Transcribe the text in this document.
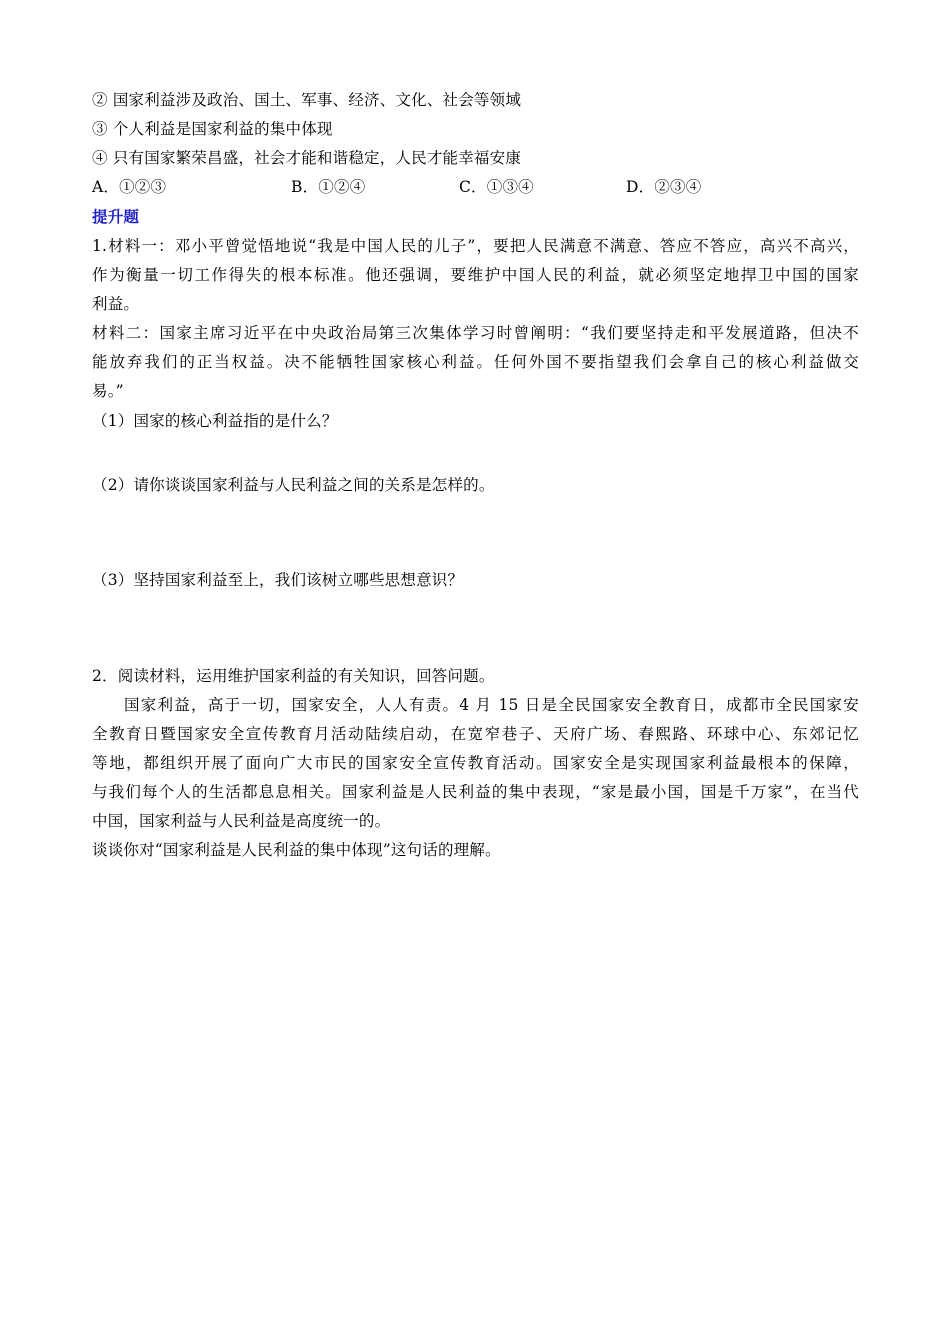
② 国家利益涉及政治、国土、军事、经济、文化、社会等领域
③ 个人利益是国家利益的集中体现
④ 只有国家繁荣昌盛，社会才能和谐稳定，人民才能幸福安康
A．①②③	B．①②④	C．①③④	D．②③④
提升题
1.材料一：邓小平曾觉悟地说“我是中国人民的儿子”，要把人民满意不满意、答应不答应，高兴不高兴，
作为衡量一切工作得失的根本标准。他还强调，要维护中国人民的利益，就必须坚定地捍卫中国的国家
利益。
材料二：国家主席习近平在中央政治局第三次集体学习时曾阐明：“我们要坚持走和平发展道路，但决不
能放弃我们的正当权益。决不能牺牲国家核心利益。任何外国不要指望我们会拿自己的核心利益做交
易。”
（1）国家的核心利益指的是什么？
（2）请你谈谈国家利益与人民利益之间的关系是怎样的。
（3）坚持国家利益至上，我们该树立哪些思想意识？
2．阅读材料，运用维护国家利益的有关知识，回答问题。
国家利益，高于一切，国家安全，人人有责。4 月 15 日是全民国家安全教育日，成都市全民国家安
全教育日暨国家安全宣传教育月活动陆续启动，在宽窄巷子、天府广场、春熙路、环球中心、东郊记忆
等地，都组织开展了面向广大市民的国家安全宣传教育活动。国家安全是实现国家利益最根本的保障，
与我们每个人的生活都息息相关。国家利益是人民利益的集中表现，“家是最小国，国是千万家”，在当代
中国，国家利益与人民利益是高度统一的。
谈谈你对“国家利益是人民利益的集中体现”这句话的理解。
